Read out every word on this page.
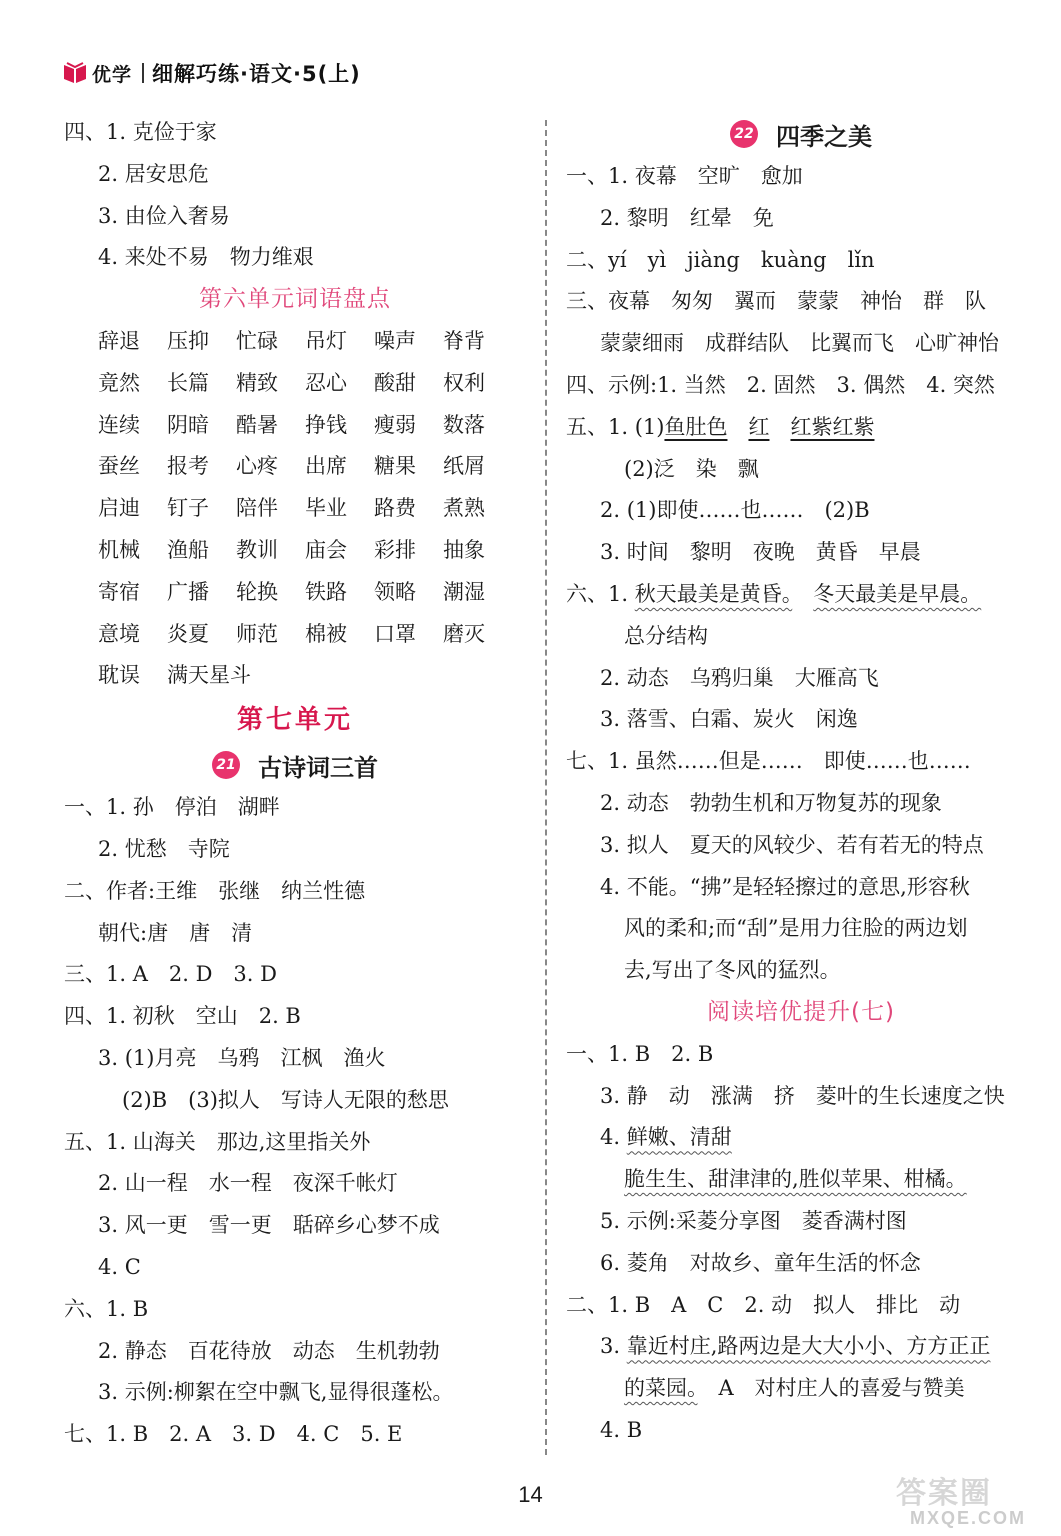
优学 细解巧练·语文·5(上)
四、1. 克俭于家
2. 居安思危
3. 由俭入奢易
4. 来处不易　物力维艰
第六单元词语盘点
辞退	压抑	忙碌	吊灯	噪声	脊背
竟然	长篇	精致	忍心	酸甜	权利
连续	阴暗	酷暑	挣钱	瘦弱	数落
蚕丝	报考	心疼	出席	糖果	纸屑
启迪	钉子	陪伴	毕业	路费	煮熟
机械	渔船	教训	庙会	彩排	抽象
寄宿	广播	轮换	铁路	领略	潮湿
意境	炎夏	师范	棉被	口罩	磨灭
耽误	满天星斗
第七单元
21 古诗词三首
一、1. 孙　停泊　湖畔
2. 忧愁　寺院
二、作者:王维　张继　纳兰性德
朝代:唐　唐　清
三、1. A　2. D　3. D
四、1. 初秋　空山　2. B
3. (1)月亮　乌鸦　江枫　渔火
(2)B　(3)拟人　写诗人无限的愁思
五、1. 山海关　那边,这里指关外
2. 山一程　水一程　夜深千帐灯
3. 风一更　雪一更　聒碎乡心梦不成
4. C
六、1. B
2. 静态　百花待放　动态　生机勃勃
3. 示例:柳絮在空中飘飞,显得很蓬松。
七、1. B　2. A　3. D　4. C　5. E
22 四季之美
一、1. 夜幕　空旷　愈加
2. 黎明　红晕　免
二、yí　yì　jiàng　kuàng　lǐn
三、夜幕　匆匆　翼而　蒙蒙　神怡　群　队
蒙蒙细雨　成群结队　比翼而飞　心旷神怡
四、示例:1. 当然　2. 固然　3. 偶然　4. 突然
五、1. (1)鱼肚色　 红　 红紫红紫
(2)泛　染　飘
2. (1)即使……也……　(2)B
3. 时间　黎明　夜晚　黄昏　早晨
六、1. 秋天最美是黄昏。　 冬天最美是早晨。
总分结构
2. 动态　乌鸦归巢　大雁高飞
3. 落雪、白霜、炭火　闲逸
七、1. 虽然……但是……　即使……也……
2. 动态　勃勃生机和万物复苏的现象
3. 拟人　夏天的风较少、若有若无的特点
4. 不能。“拂”是轻轻擦过的意思,形容秋
风的柔和;而“刮”是用力往脸的两边划
去,写出了冬风的猛烈。
阅读培优提升(七)
一、1. B　2. B
3. 静　动　涨满　挤　菱叶的生长速度之快
4. 鲜嫩、清甜
脆生生、甜津津的,胜似苹果、柑橘。
5. 示例:采菱分享图　菱香满村图
6. 菱角　对故乡、童年生活的怀念
二、1. B　A　C　2. 动　拟人　排比　动
3. 靠近村庄,路两边是大大小小、方方正正
的菜园。　A　对村庄人的喜爱与赞美
4. B
14	答案圈
MXQE.COM
